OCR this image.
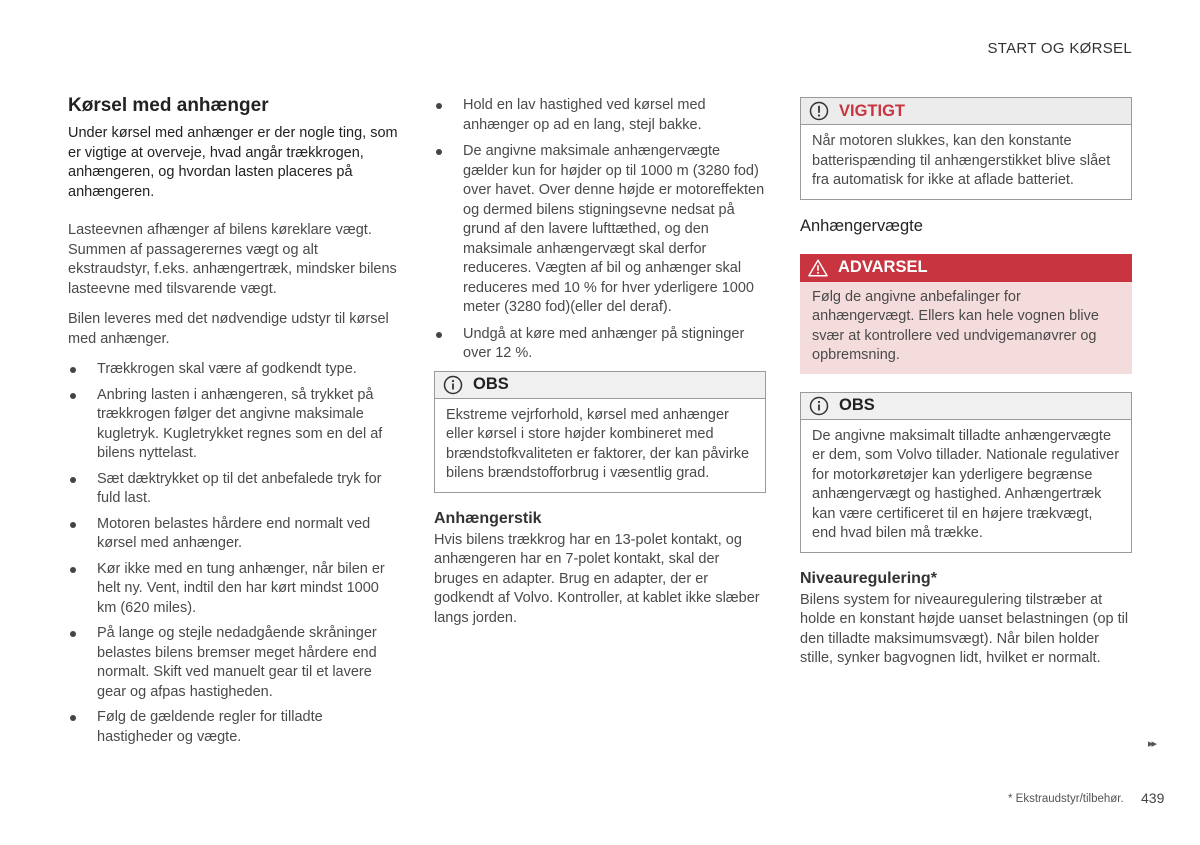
START OG KØRSEL
Kørsel med anhænger

Under kørsel med anhænger er der nogle ting, som er vigtige at overveje, hvad angår trækkrogen, anhængeren, og hvordan lasten placeres på anhængeren.

Lasteevnen afhænger af bilens køreklare vægt. Summen af passagerernes vægt og alt ekstraudstyr, f.eks. anhængertræk, mindsker bilens lasteevne med tilsvarende vægt.

Bilen leveres med det nødvendige udstyr til kørsel med anhænger.

Trækkrogen skal være af godkendt type.
Anbring lasten i anhængeren, så trykket på trækkrogen følger det angivne maksimale kugletryk. Kugletrykket regnes som en del af bilens nyttelast.
Sæt dæktrykket op til det anbefalede tryk for fuld last.
Motoren belastes hårdere end normalt ved kørsel med anhænger.
Kør ikke med en tung anhænger, når bilen er helt ny. Vent, indtil den har kørt mindst 1000 km (620 miles).
På lange og stejle nedadgående skråninger belastes bilens bremser meget hårdere end normalt. Skift ved manuelt gear til et lavere gear og afpas hastigheden.
Følg de gældende regler for tilladte hastigheder og vægte.
Hold en lav hastighed ved kørsel med anhænger op ad en lang, stejl bakke.
De angivne maksimale anhængervægte gælder kun for højder op til 1000 m (3280 fod) over havet. Over denne højde er motoreffekten og dermed bilens stigningsevne nedsat på grund af den lavere lufttæthed, og den maksimale anhængervægt skal derfor reduceres. Vægten af bil og anhænger skal reduceres med 10 % for hver yderligere 1000 meter (3280 fod)(eller del deraf).
Undgå at køre med anhænger på stigninger over 12 %.
OBS
Ekstreme vejrforhold, kørsel med anhænger eller kørsel i store højder kombineret med brændstofkvaliteten er faktorer, der kan påvirke bilens brændstofforbrug i væsentlig grad.
Anhængerstik

Hvis bilens trækkrog har en 13-polet kontakt, og anhængeren har en 7-polet kontakt, skal der bruges en adapter. Brug en adapter, der er godkendt af Volvo. Kontroller, at kablet ikke slæber langs jorden.

VIGTIGT
Når motoren slukkes, kan den konstante batterispænding til anhængerstikket blive slået fra automatisk for ikke at aflade batteriet.
Anhængervægte
ADVARSEL
Følg de angivne anbefalinger for anhængervægt. Ellers kan hele vognen blive svær at kontrollere ved undvigemanøvrer og opbremsning.
OBS
De angivne maksimalt tilladte anhængervægte er dem, som Volvo tillader. Nationale regulativer for motorkøretøjer kan yderligere begrænse anhængervægt og hastighed. Anhængertræk kan være certificeret til en højere trækvægt, end hvad bilen må trække.
Niveauregulering*

Bilens system for niveauregulering tilstræber at holde en konstant højde uanset belastningen (op til den tilladte maksimumsvægt). Når bilen holder stille, synker bagvognen lidt, hvilket er normalt.

▸▸
* Ekstraudstyr/tilbehør. 439
